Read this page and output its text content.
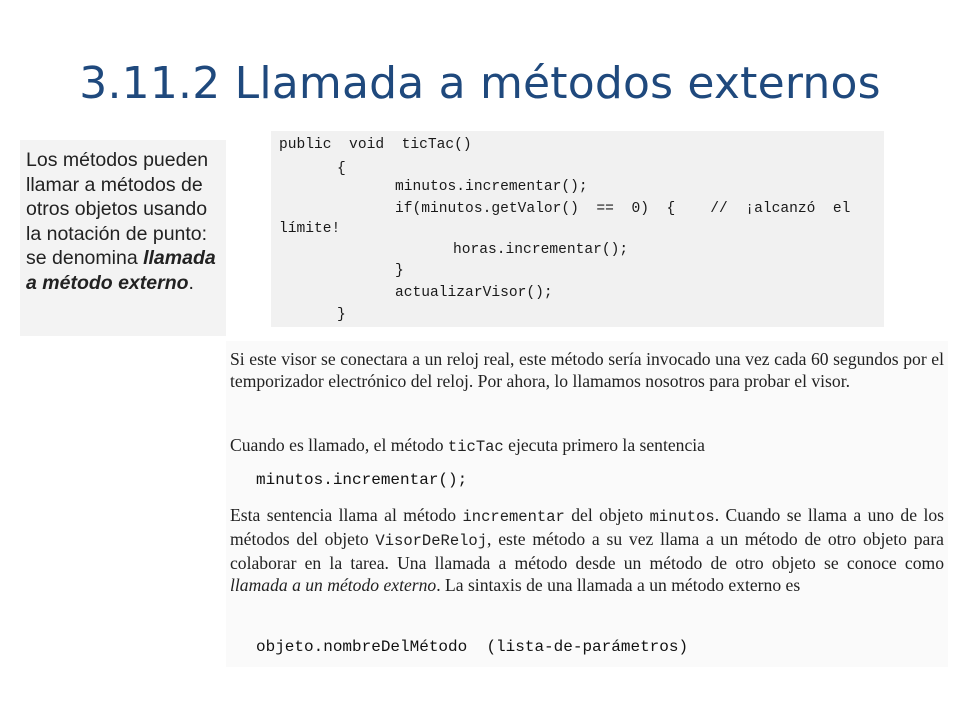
3.11.2 Llamada a métodos externos
Los métodos pueden llamar a métodos de otros objetos usando la notación de punto: se denomina llamada a método externo.
public  void  ticTac()
{
minutos.incrementar();
if(minutos.getValor()  ==  0)  {    //  ¡alcanzó  el
límite!
horas.incrementar();
}
actualizarVisor();
}
Si este visor se conectara a un reloj real, este método sería invocado una vez cada 60 segundos por el temporizador electrónico del reloj. Por ahora, lo llamamos nosotros para probar el visor.
Cuando es llamado, el método ticTac ejecuta primero la sentencia
minutos.incrementar();
Esta sentencia llama al método incrementar del objeto minutos. Cuando se llama a uno de los métodos del objeto VisorDeReloj, este método a su vez llama a un método de otro objeto para colaborar en la tarea. Una llamada a método desde un método de otro objeto se conoce como llamada a un método externo. La sintaxis de una llamada a un método externo es
objeto.nombreDelMétodo  (lista-de-parámetros)
